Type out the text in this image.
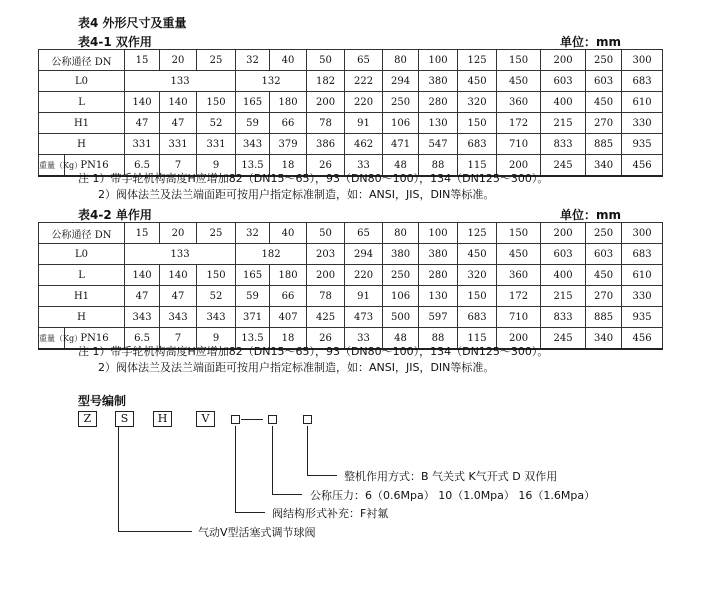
表4 外形尺寸及重量
表4-1 双作用	单位：mm
公称通径 DN		15	20	25	32	40	50	65	80	100	125	150	200	250	300
L0		133			132		182	222	294	380	450	450	603	603	683
L		140	140	150	165	180	200	220	250	280	320	360	400	450	610
H1		47	47	52	59	66	78	91	106	130	150	172	215	270	330
H		331	331	331	343	379	386	462	471	547	683	710	833	885	935
重量（Kg）	PN16	6.5	7	9	13.5	18	26	33	48	88	115	200	245	340	456
注 1）带手轮机构高度H应增加82（DN15～65），93（DN80～100），134（DN125～300）。
2）阀体法兰及法兰端面距可按用户指定标准制造，如：ANSI，JIS，DIN等标准。
表4-2 单作用	单位：mm
公称通径 DN		15	20	25	32	40	50	65	80	100	125	150	200	250	300
L0		133			182		203	294	380	380	450	450	603	603	683
L		140	140	150	165	180	200	220	250	280	320	360	400	450	610
H1		47	47	52	59	66	78	91	106	130	150	172	215	270	330
H		343	343	343	371	407	425	473	500	597	683	710	833	885	935
重量（Kg）	PN16	6.5	7	9	13.5	18	26	33	48	88	115	200	245	340	456
注 1）带手轮机构高度H应增加82（DN15～65），93（DN80～100），134（DN125～300）。
2）阀体法兰及法兰端面距可按用户指定标准制造，如：ANSI，JIS，DIN等标准。
型号编制
Z	S	H	V
整机作用方式：B 气关式 K气开式 D 双作用
公称压力：6（0.6Mpa） 10（1.0Mpa） 16（1.6Mpa）
阀结构形式补充：F衬氟
气动V型活塞式调节球阀
